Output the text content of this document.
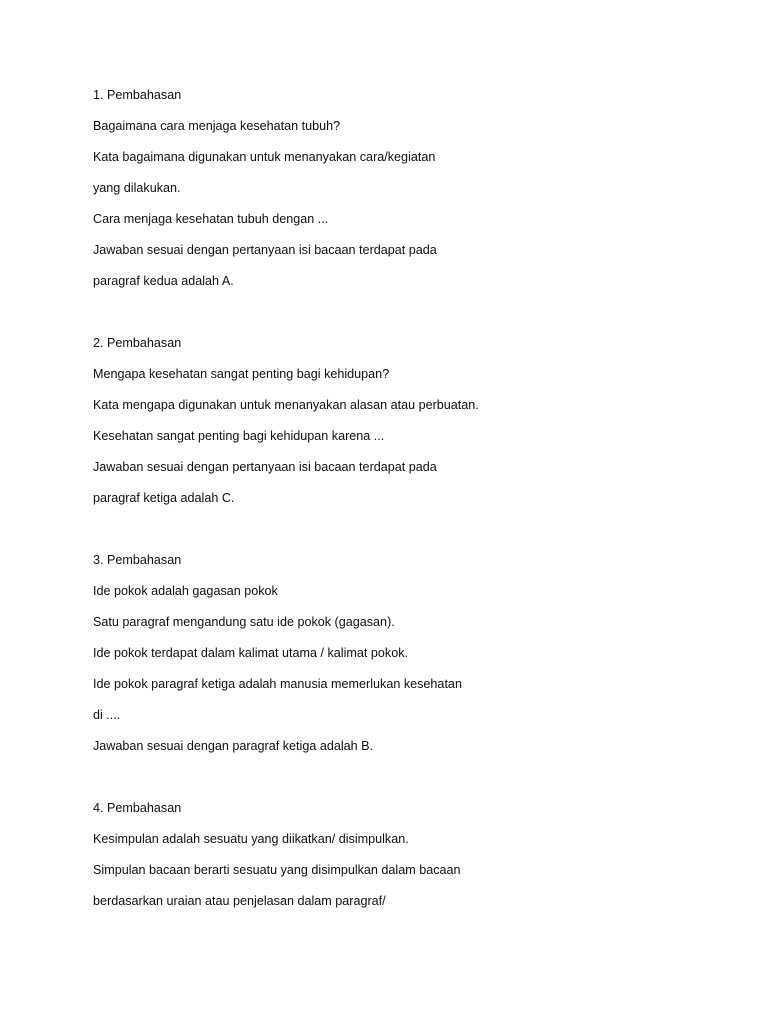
1. Pembahasan
Bagaimana cara menjaga kesehatan tubuh?
Kata bagaimana digunakan untuk menanyakan cara/kegiatan
yang dilakukan.
Cara menjaga kesehatan tubuh dengan ...
Jawaban sesuai dengan pertanyaan isi bacaan terdapat pada
paragraf kedua adalah A.
2. Pembahasan
Mengapa kesehatan sangat penting bagi kehidupan?
Kata mengapa digunakan untuk menanyakan alasan atau perbuatan.
Kesehatan sangat penting bagi kehidupan karena ...
Jawaban sesuai dengan pertanyaan isi bacaan terdapat pada
paragraf ketiga adalah C.
3. Pembahasan
Ide pokok adalah gagasan pokok
Satu paragraf mengandung satu ide pokok (gagasan).
Ide pokok terdapat dalam kalimat utama / kalimat pokok.
Ide pokok paragraf ketiga adalah manusia memerlukan kesehatan
di ....
Jawaban sesuai dengan paragraf ketiga adalah B.
4. Pembahasan
Kesimpulan adalah sesuatu yang diikatkan/ disimpulkan.
Simpulan bacaan berarti sesuatu yang disimpulkan dalam bacaan
berdasarkan uraian atau penjelasan dalam paragraf/
